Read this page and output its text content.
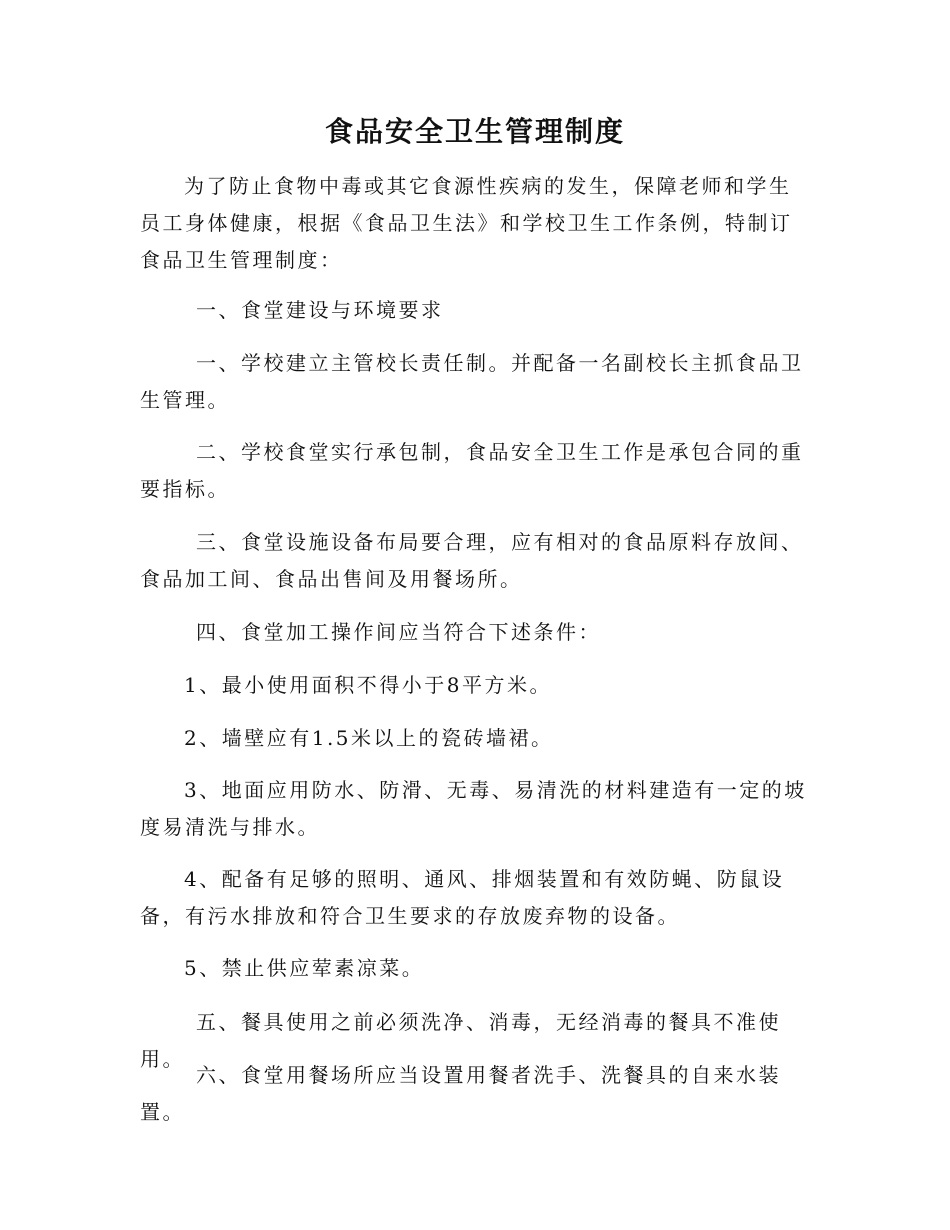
食品安全卫生管理制度

为了防止食物中毒或其它食源性疾病的发生，保障老师和学生员工身体健康，根据《食品卫生法》和学校卫生工作条例，特制订食品卫生管理制度：

一、食堂建设与环境要求

一、学校建立主管校长责任制。并配备一名副校长主抓食品卫生管理。

二、学校食堂实行承包制，食品安全卫生工作是承包合同的重要指标。

三、食堂设施设备布局要合理，应有相对的食品原料存放间、食品加工间、食品出售间及用餐场所。

四、食堂加工操作间应当符合下述条件：

1、最小使用面积不得小于8平方米。

2、墙壁应有1.5米以上的瓷砖墙裙。

3、地面应用防水、防滑、无毒、易清洗的材料建造有一定的坡度易清洗与排水。

4、配备有足够的照明、通风、排烟装置和有效防蝇、防鼠设备，有污水排放和符合卫生要求的存放废弃物的设备。

5、禁止供应荤素凉菜。

五、餐具使用之前必须洗净、消毒，无经消毒的餐具不准使用。

六、食堂用餐场所应当设置用餐者洗手、洗餐具的自来水装置。
